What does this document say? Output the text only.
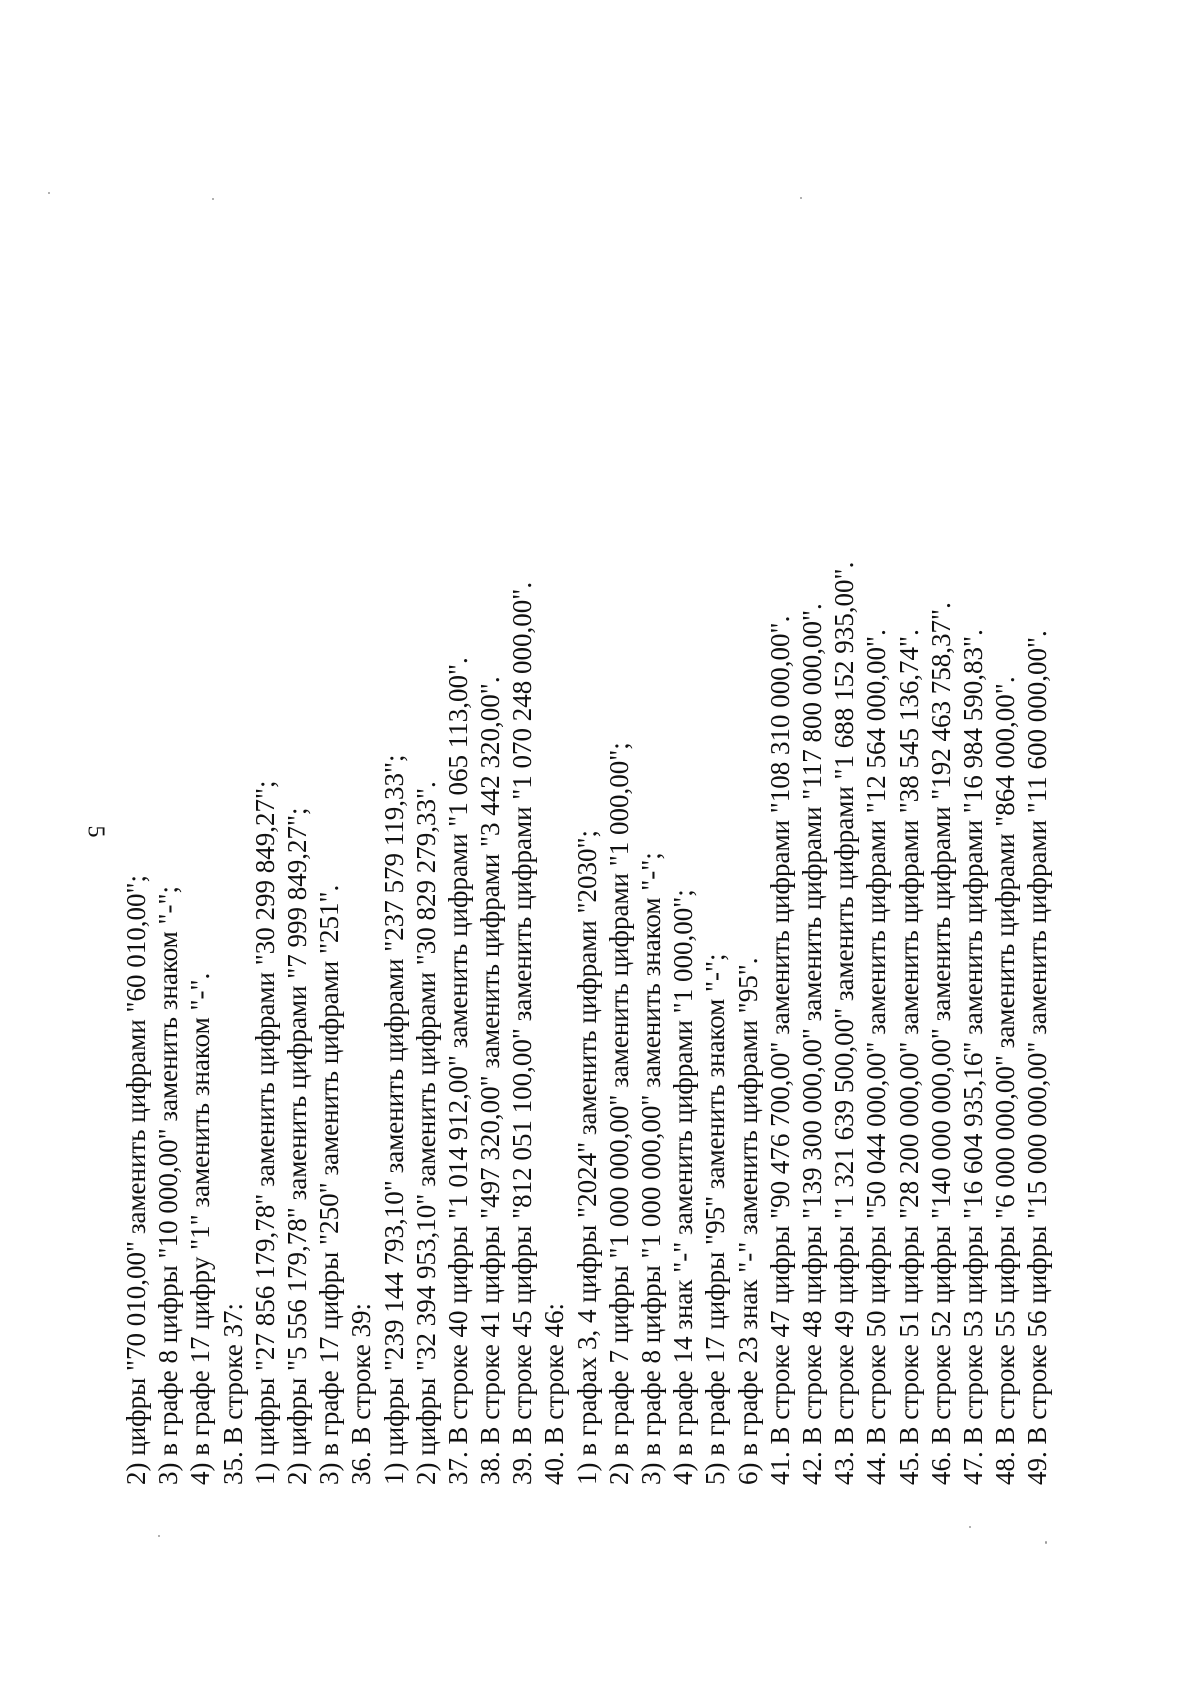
5
2) цифры "70 010,00" заменить цифрами "60 010,00"; 3) в графе 8 цифры "10 000,00" заменить знаком "-"; 4) в графе 17 цифру "1" заменить знаком "-". 35. В строке 37: 1) цифры "27 856 179,78" заменить цифрами "30 299 849,27"; 2) цифры "5 556 179,78" заменить цифрами "7 999 849,27"; 3) в графе 17 цифры "250" заменить цифрами "251". 36. В строке 39: 1) цифры "239 144 793,10" заменить цифрами "237 579 119,33"; 2) цифры "32 394 953,10" заменить цифрами "30 829 279,33". 37. В строке 40 цифры "1 014 912,00" заменить цифрами "1 065 113,00". 38. В строке 41 цифры "497 320,00" заменить цифрами "3 442 320,00". 39. В строке 45 цифры "812 051 100,00" заменить цифрами "1 070 248 000,00". 40. В строке 46: 1) в графах 3, 4 цифры "2024" заменить цифрами "2030"; 2) в графе 7 цифры "1 000 000,00" заменить цифрами "1 000,00"; 3) в графе 8 цифры "1 000 000,00" заменить знаком "-"; 4) в графе 14 знак "-" заменить цифрами "1 000,00"; 5) в графе 17 цифры "95" заменить знаком "-"; 6) в графе 23 знак "-" заменить цифрами "95". 41. В строке 47 цифры "90 476 700,00" заменить цифрами "108 310 000,00". 42. В строке 48 цифры "139 300 000,00" заменить цифрами "117 800 000,00". 43. В строке 49 цифры "1 321 639 500,00" заменить цифрами "1 688 152 935,00". 44. В строке 50 цифры "50 044 000,00" заменить цифрами "12 564 000,00". 45. В строке 51 цифры "28 200 000,00" заменить цифрами "38 545 136,74". 46. В строке 52 цифры "140 000 000,00" заменить цифрами "192 463 758,37". 47. В строке 53 цифры "16 604 935,16" заменить цифрами "16 984 590,83". 48. В строке 55 цифры "6 000 000,00" заменить цифрами "864 000,00". 49. В строке 56 цифры "15 000 000,00" заменить цифрами "11 600 000,00".
